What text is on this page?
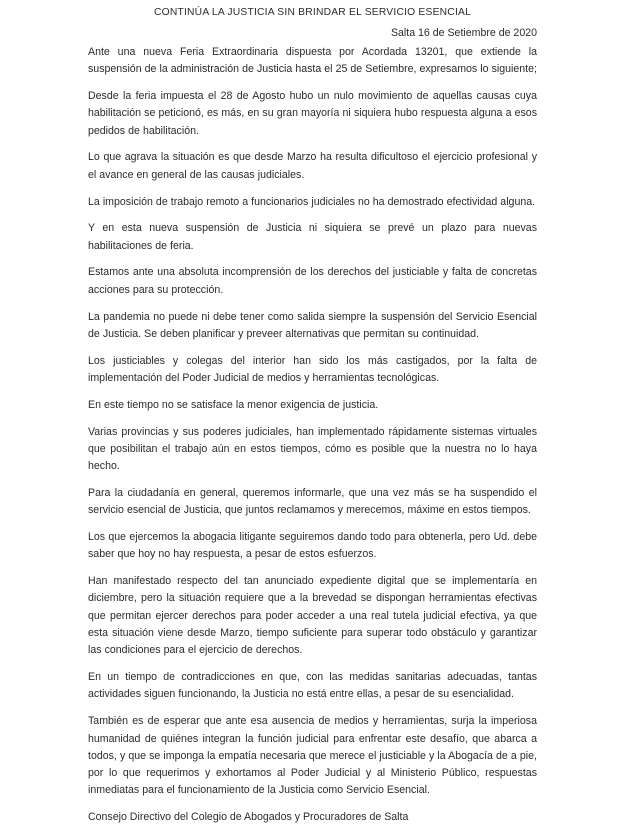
CONTINÚA LA JUSTICIA SIN BRINDAR EL SERVICIO ESENCIAL
Salta 16 de Setiembre de 2020

Ante una nueva Feria Extraordinaria dispuesta por Acordada 13201, que extiende la suspensión de la administración de Justicia hasta el 25 de Setiembre, expresamos lo siguiente;

Desde la feria impuesta el 28 de Agosto hubo un nulo movimiento de aquellas causas cuya habilitación se peticionó, es más, en su gran mayoría ni siquiera hubo respuesta alguna a esos pedidos de habilitación.

Lo que agrava la situación es que desde Marzo ha resulta dificultoso el ejercicio profesional y el avance en general de las causas judiciales.

La imposición de trabajo remoto a funcionarios judiciales no ha demostrado efectividad alguna.

Y en esta nueva suspensión de Justicia ni siquiera se prevé un plazo para nuevas habilitaciones de feria.

Estamos ante una absoluta incomprensión de los derechos del justiciable y falta de concretas acciones para su protección.

La pandemia no puede ni debe tener como salida siempre la suspensión del Servicio Esencial de Justicia. Se deben planificar y preveer alternativas que permitan su continuidad.

Los justiciables y colegas del interior han sido los más castigados, por la falta de implementación del Poder Judicial de medios y herramientas tecnológicas.

En este tiempo no se satisface la menor exigencia de justicia.

Varias provincias y sus poderes judiciales, han implementado rápidamente sistemas virtuales que posibilitan el trabajo aún en estos tiempos, cómo es posible que la nuestra no lo haya hecho.

Para la ciudadanía en general, queremos informarle, que una vez más se ha suspendido el servicio esencial de Justicia, que juntos reclamamos y merecemos, máxime en estos tiempos.

Los que ejercemos la abogacia litigante seguiremos dando todo para obtenerla, pero Ud. debe saber que hoy no hay respuesta, a pesar de estos esfuerzos.

Han manifestado respecto del tan anunciado expediente digital que se implementaría en diciembre, pero la situación requiere que a la brevedad se dispongan herramientas efectivas que permitan ejercer derechos para poder acceder a una real tutela judicial efectiva, ya que esta situación viene desde Marzo, tiempo suficiente para superar todo obstáculo y garantizar las condiciones para el ejercicio de derechos.

En un tiempo de contradicciones en que, con las medidas sanitarias adecuadas, tantas actividades siguen funcionando, la Justicia no está entre ellas, a pesar de su esencialidad.

También es de esperar que ante esa ausencia de medios y herramientas, surja la imperiosa humanidad de quiénes integran la función judicial para enfrentar este desafío, que abarca a todos, y que se imponga la empatía necesaria que merece el justiciable y la Abogacía de a pie, por lo que requerimos y exhortamos al Poder Judicial y al Ministerio Público, respuestas inmediatas para el funcionamiento de la Justicia como Servicio Esencial.

Consejo Directivo del Colegio de Abogados y Procuradores de Salta
